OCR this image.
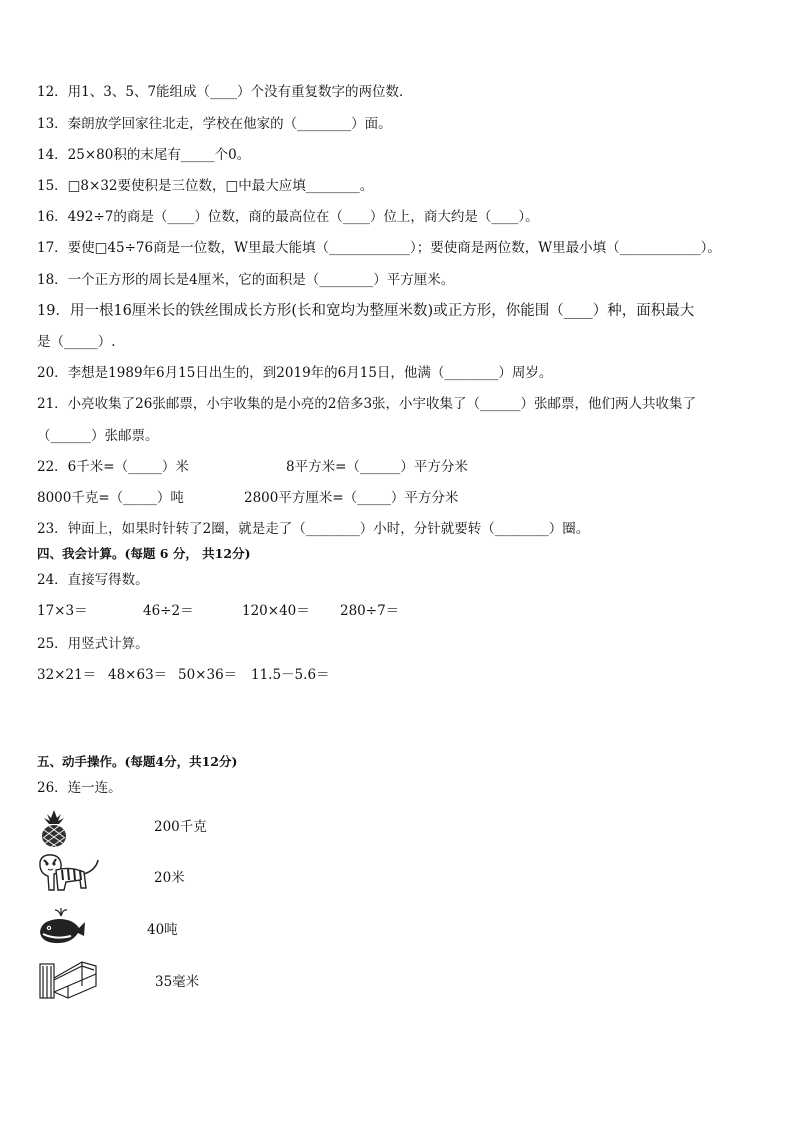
12．用1、3、5、7能组成（____）个没有重复数字的两位数．
13．秦朗放学回家往北走，学校在他家的（________）面。
14．25×80积的末尾有_____个0。
15．□8×32要使积是三位数，□中最大应填________。
16．492÷7的商是（____）位数，商的最高位在（____）位上，商大约是（____）。
17．要使□45÷76商是一位数，W里最大能填（____________）；要使商是两位数，W里最小填（____________）。
18．一个正方形的周长是4厘米，它的面积是（________）平方厘米。
19．用一根16厘米长的铁丝围成长方形(长和宽均为整厘米数)或正方形，你能围（____）种，面积最大
是（_____）.
20．李想是1989年6月15日出生的，到2019年的6月15日，他满（________）周岁。
21．小亮收集了26张邮票，小宇收集的是小亮的2倍多3张，小宇收集了（______）张邮票，他们两人共收集了
（______）张邮票。
22．6千米=（_____）米	8平方米=（______）平方分米
8000千克=（_____）吨	2800平方厘米=（_____）平方分米
23．钟面上，如果时针转了2圈，就是走了（________）小时，分针就要转（________）圈。
四、我会计算。(每题 6 分， 共12分)
24．直接写得数。
17×3＝	46÷2＝	120×40＝ 280÷7＝
25．用竖式计算。
32×21＝ 48×63＝ 50×36＝ 11.5－5.6＝
五、动手操作。(每题4分，共12分)
26．连一连。
200千克
20米
40吨
35毫米
